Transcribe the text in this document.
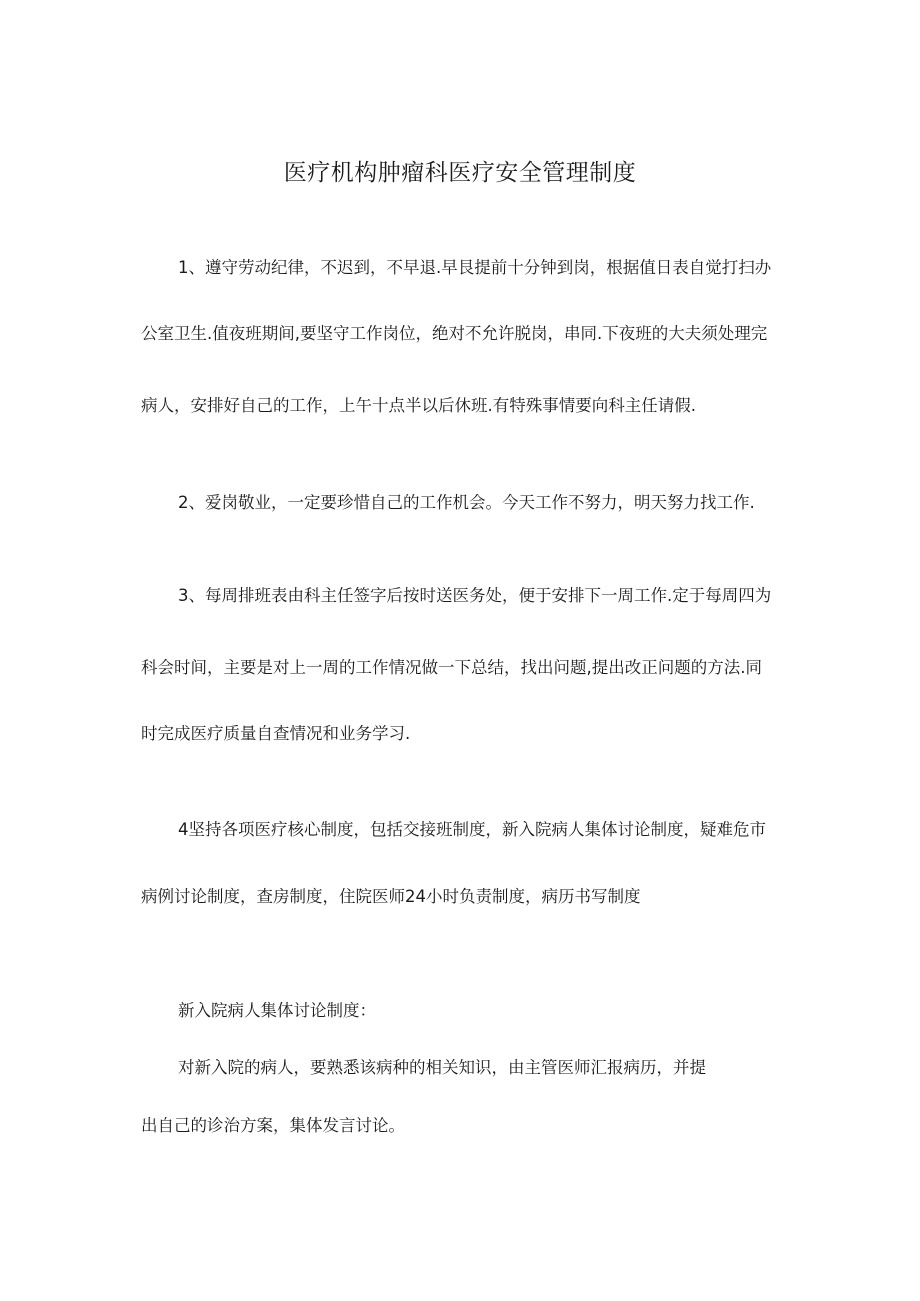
医疗机构肿瘤科医疗安全管理制度
1、遵守劳动纪律，不迟到，不早退.早艮提前十分钟到岗，根据值日表自觉打扫办
公室卫生.值夜班期间,要坚守工作岗位，绝对不允许脱岗，串同.下夜班的大夫须处理完
病人，安排好自己的工作，上午十点半以后休班.有特殊事情要向科主任请假.
2、爱岗敬业，一定要珍惜自己的工作机会。今天工作不努力，明天努力找工作.
3、每周排班表由科主任签字后按时送医务处，便于安排下一周工作.定于每周四为
科会时间，主要是对上一周的工作情况做一下总结，找出问题,提出改正问题的方法.同
时完成医疗质量自查情况和业务学习.
4坚持各项医疗核心制度，包括交接班制度，新入院病人集体讨论制度，疑难危市
病例讨论制度，查房制度，住院医师24小时负责制度，病历书写制度
新入院病人集体讨论制度：
对新入院的病人，要熟悉该病种的相关知识，由主管医师汇报病历，并提
出自己的诊治方案，集体发言讨论。
